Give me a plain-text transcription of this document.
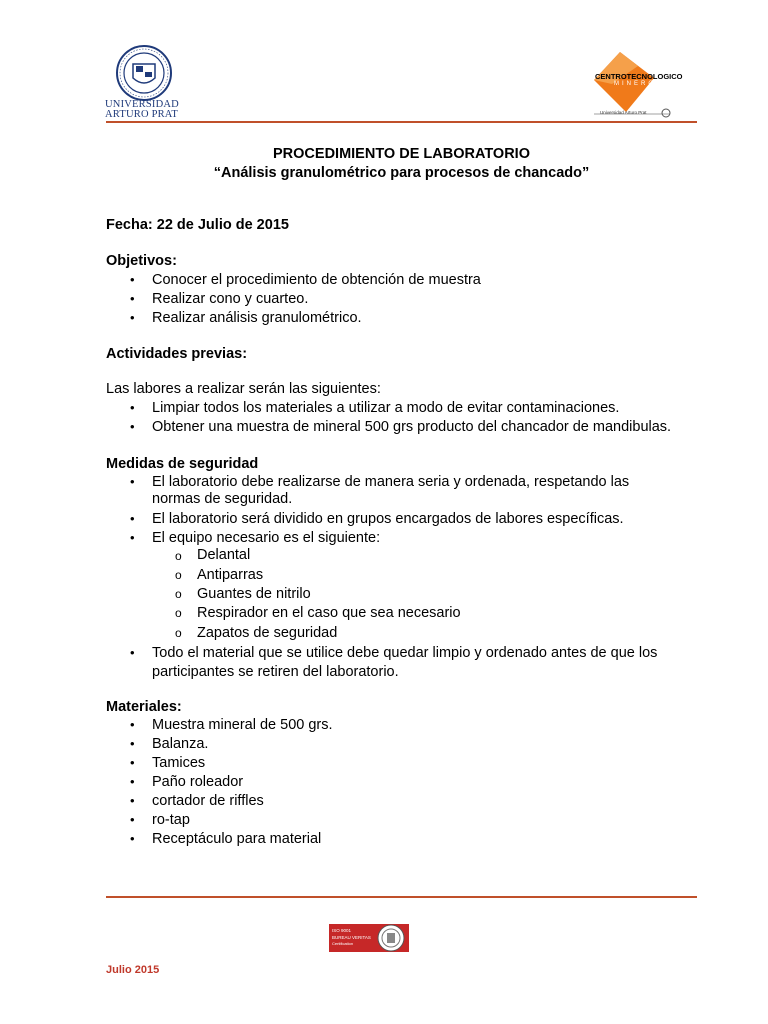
UNIVERSIDAD
ARTURO PRAT
CENTROTECNOLOGICO
MINERO
Universidad Arturo Prat
PROCEDIMIENTO DE LABORATORIO
“Análisis granulométrico para procesos de chancado”
Fecha: 22 de Julio de 2015
Objetivos:
• Conocer el procedimiento de obtención de muestra
• Realizar cono y cuarteo.
• Realizar análisis granulométrico.
Actividades previas:
Las labores a realizar serán las siguientes:
• Limpiar todos los materiales a utilizar a modo de evitar contaminaciones.
• Obtener una muestra de mineral 500 grs producto del chancador de mandibulas.
Medidas de seguridad
• El laboratorio debe realizarse de manera seria y ordenada, respetando las
normas de seguridad.
• El laboratorio será dividido en grupos encargados de labores específicas.
• El equipo necesario es el siguiente:
o Delantal
o Antiparras
o Guantes de nitrilo
o Respirador en el caso que sea necesario
o Zapatos de seguridad
• Todo el material que se utilice debe quedar limpio y ordenado antes de que los
participantes se retiren del laboratorio.
Materiales:
• Muestra mineral de 500 grs.
• Balanza.
• Tamices
• Paño roleador
• cortador de riffles
• ro-tap
• Receptáculo para material
ISO 9001
BUREAU VERITAS
Certification
Julio 2015
